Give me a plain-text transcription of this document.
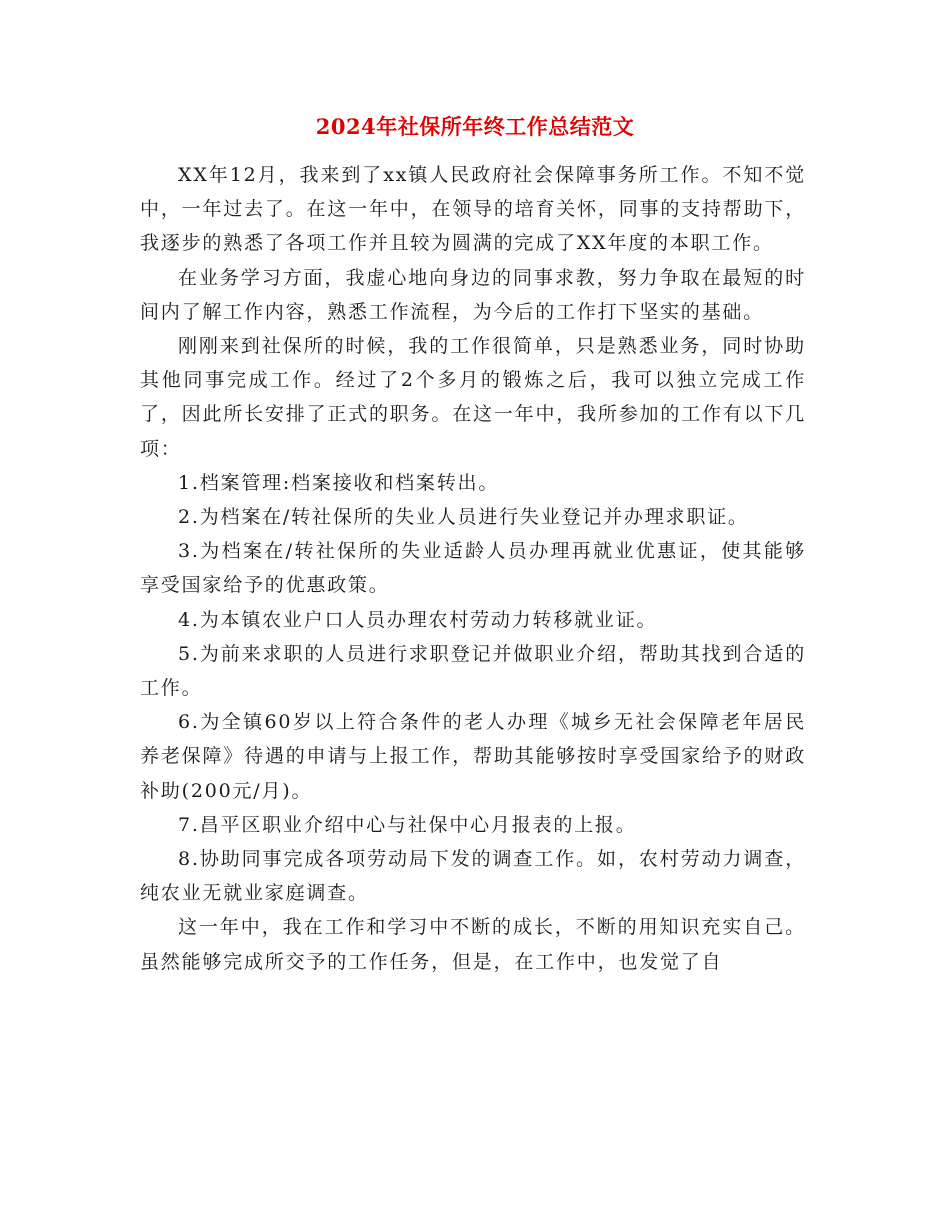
2024年社保所年终工作总结范文

XX年12月，我来到了xx镇人民政府社会保障事务所工作。不知不觉中，一年过去了。在这一年中，在领导的培育关怀，同事的支持帮助下，我逐步的熟悉了各项工作并且较为圆满的完成了XX年度的本职工作。

在业务学习方面，我虚心地向身边的同事求教，努力争取在最短的时间内了解工作内容，熟悉工作流程，为今后的工作打下坚实的基础。

刚刚来到社保所的时候，我的工作很简单，只是熟悉业务，同时协助其他同事完成工作。经过了2个多月的锻炼之后，我可以独立完成工作了，因此所长安排了正式的职务。在这一年中，我所参加的工作有以下几项：

1.档案管理:档案接收和档案转出。

2.为档案在/转社保所的失业人员进行失业登记并办理求职证。

3.为档案在/转社保所的失业适龄人员办理再就业优惠证，使其能够享受国家给予的优惠政策。

4.为本镇农业户口人员办理农村劳动力转移就业证。

5.为前来求职的人员进行求职登记并做职业介绍，帮助其找到合适的工作。

6.为全镇60岁以上符合条件的老人办理《城乡无社会保障老年居民养老保障》待遇的申请与上报工作，帮助其能够按时享受国家给予的财政补助(200元/月)。

7.昌平区职业介绍中心与社保中心月报表的上报。

8.协助同事完成各项劳动局下发的调查工作。如，农村劳动力调查，纯农业无就业家庭调查。

这一年中，我在工作和学习中不断的成长，不断的用知识充实自己。虽然能够完成所交予的工作任务，但是，在工作中，也发觉了自
